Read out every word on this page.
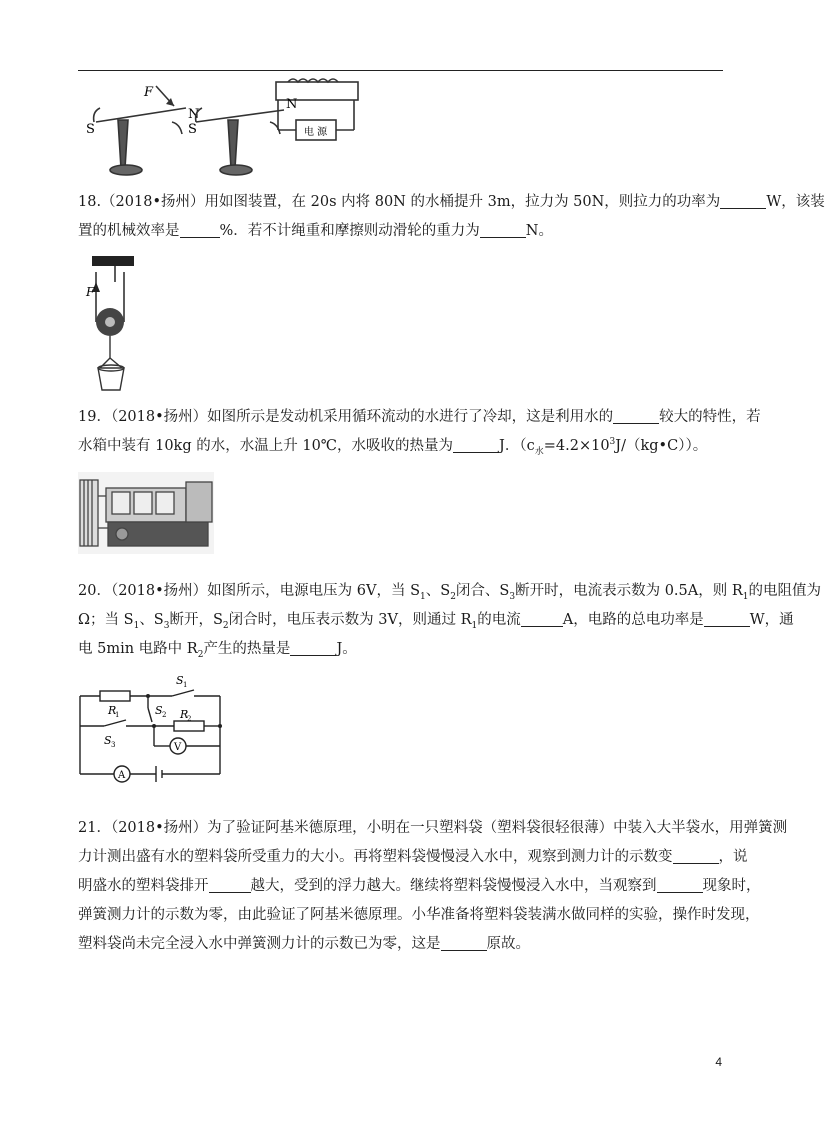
S
N
F
S
N
电 源
18.（2018•扬州）用如图装置，在 20s 内将 80N 的水桶提升 3m，拉力为 50N，则拉力的功率为	W，该装
置的机械效率是	%．若不计绳重和摩擦则动滑轮的重力为	N。
F
19．（2018•扬州）如图所示是发动机采用循环流动的水进行了冷却，这是利用水的	较大的特性，若
水箱中装有 10kg 的水，水温上升 10℃，水吸收的热量为	J．$(c_水=4.2\times 10^3J/(kg•C))$。
20．（2018•扬州）如图所示，电源电压为 6V，当 $S_1$、$S_2$闭合、$S_3$断开时，电流表示数为 0.5A，则 $R_1$的电阻值为
Ω；当 $S_1$、$S_3$断开，$S_2$闭合时，电压表示数为 3V，则通过 $R_1$的电流	A，电路的总电功率是	W，通
电 5min 电路中 $R_2$产生的热量是	J。
R
1	R
2
S 1
S 2
S 3	V
A
21．（2018•扬州）为了验证阿基米德原理，小明在一只塑料袋（塑料袋很轻很薄）中装入大半袋水，用弹簧测
力计测出盛有水的塑料袋所受重力的大小。再将塑料袋慢慢浸入水中，观察到测力计的示数变	，说
明盛水的塑料袋排开	越大，受到的浮力越大。继续将塑料袋慢慢浸入水中，当观察到	现象时，
弹簧测力计的示数为零，由此验证了阿基米德原理。小华准备将塑料袋装满水做同样的实验，操作时发现，
塑料袋尚未完全浸入水中弹簧测力计的示数已为零，这是	原故。
4
